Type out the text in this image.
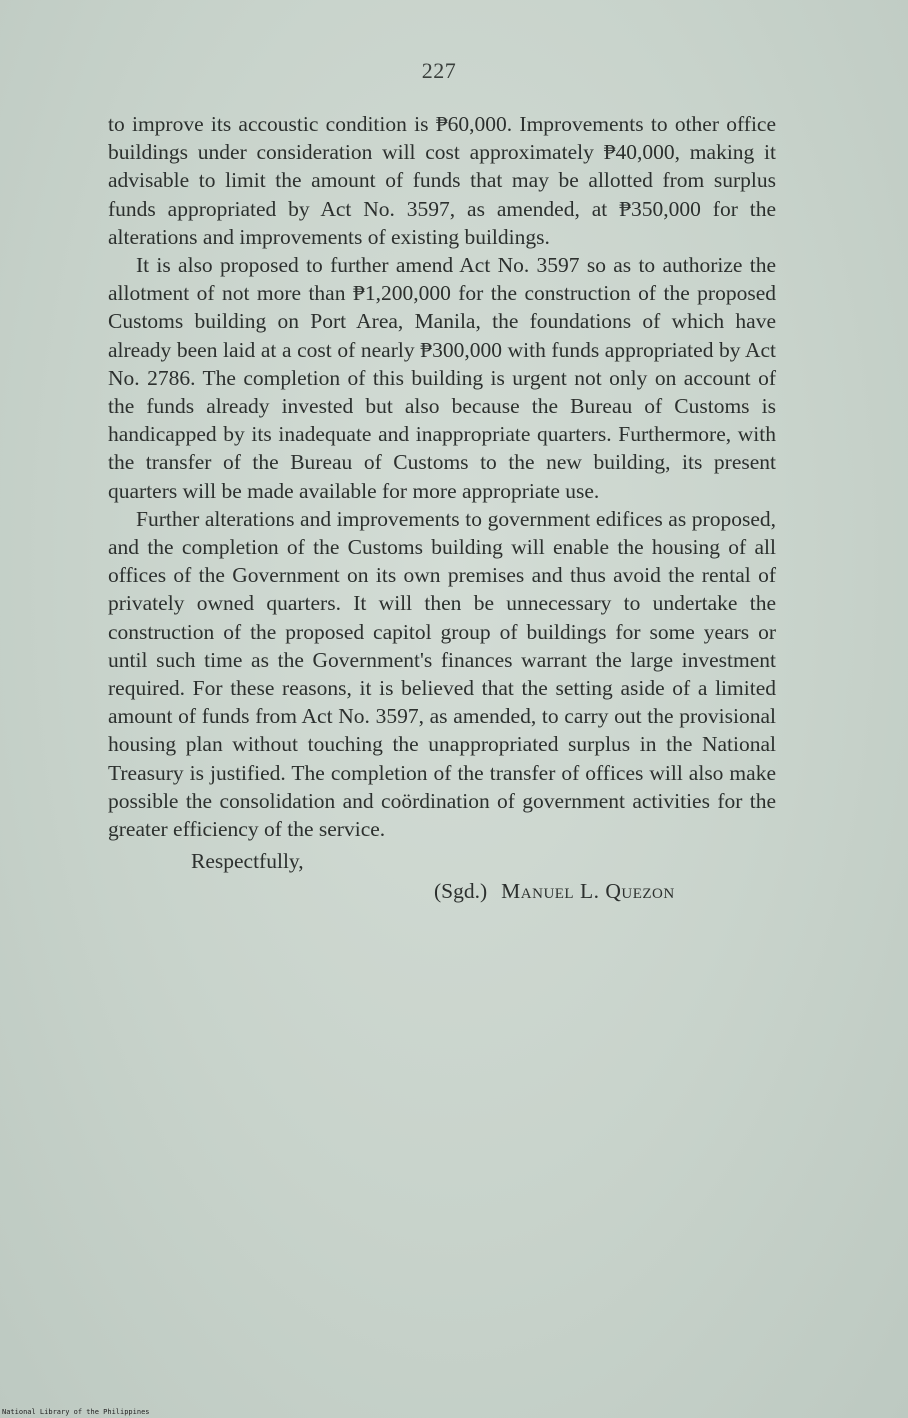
227

to improve its accoustic condition is ₱60,000. Improvements to other office buildings under consideration will cost approximately ₱40,000, making it advisable to limit the amount of funds that may be allotted from surplus funds appropriated by Act No. 3597, as amended, at ₱350,000 for the alterations and improvements of existing buildings.

It is also proposed to further amend Act No. 3597 so as to authorize the allotment of not more than ₱1,200,000 for the construction of the proposed Customs building on Port Area, Manila, the foundations of which have already been laid at a cost of nearly ₱300,000 with funds appropriated by Act No. 2786. The completion of this building is urgent not only on account of the funds already invested but also because the Bureau of Customs is handicapped by its inadequate and inappropriate quarters. Furthermore, with the transfer of the Bureau of Customs to the new building, its present quarters will be made available for more appropriate use.

Further alterations and improvements to government edifices as proposed, and the completion of the Customs building will enable the housing of all offices of the Government on its own premises and thus avoid the rental of privately owned quarters. It will then be unnecessary to undertake the construction of the proposed capitol group of buildings for some years or until such time as the Government's finances warrant the large investment required. For these reasons, it is believed that the setting aside of a limited amount of funds from Act No. 3597, as amended, to carry out the provisional housing plan without touching the unappropriated surplus in the National Treasury is justified. The completion of the transfer of offices will also make possible the consolidation and coördination of government activities for the greater efficiency of the service.

Respectfully,

(Sgd.) Manuel L. Quezon

National Library of the Philippines
